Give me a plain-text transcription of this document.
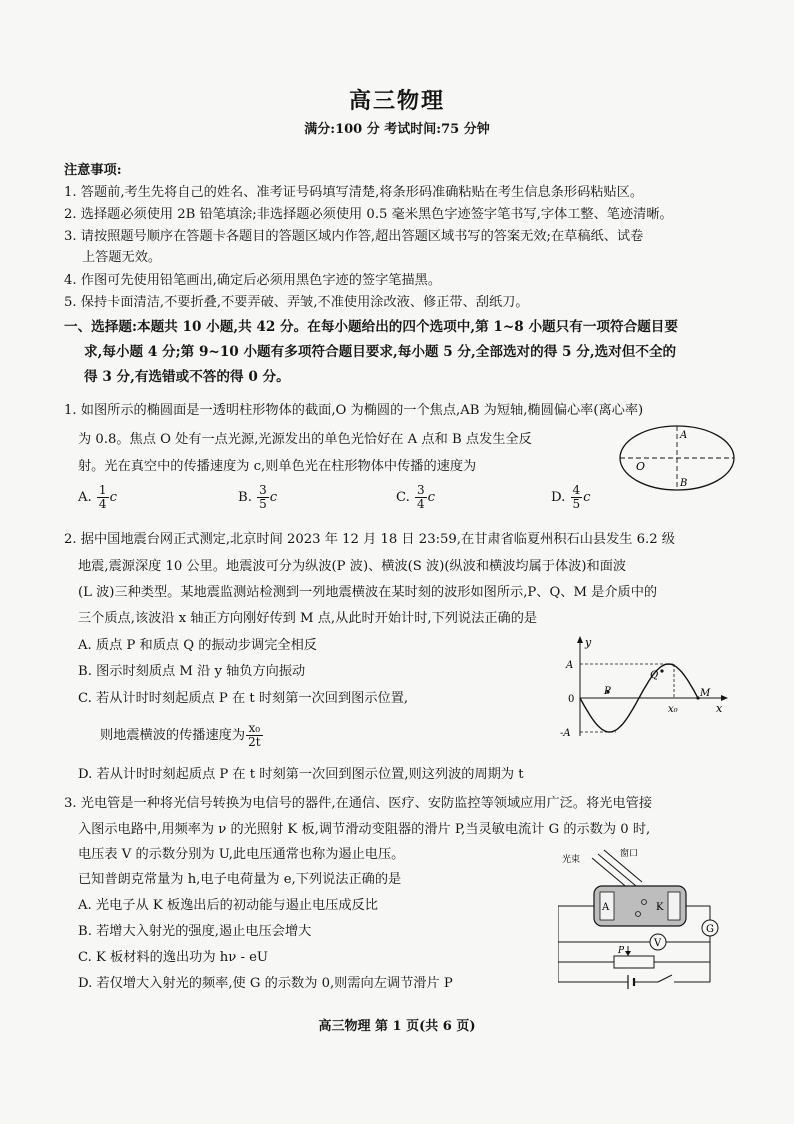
高三物理
满分:100 分 考试时间:75 分钟
注意事项:
1. 答题前,考生先将自己的姓名、准考证号码填写清楚,将条形码准确粘贴在考生信息条形码粘贴区。
2. 选择题必须使用 2B 铅笔填涂;非选择题必须使用 0.5 毫米黑色字迹签字笔书写,字体工整、笔迹清晰。
3. 请按照题号顺序在答题卡各题目的答题区域内作答,超出答题区域书写的答案无效;在草稿纸、试卷
上答题无效。
4. 作图可先使用铅笔画出,确定后必须用黑色字迹的签字笔描黑。
5. 保持卡面清洁,不要折叠,不要弄破、弄皱,不准使用涂改液、修正带、刮纸刀。
一、选择题:本题共 10 小题,共 42 分。在每小题给出的四个选项中,第 1~8 小题只有一项符合题目要
求,每小题 4 分;第 9~10 小题有多项符合题目要求,每小题 5 分,全部选对的得 5 分,选对但不全的
得 3 分,有选错或不答的得 0 分。
1. 如图所示的椭圆面是一透明柱形物体的截面,O 为椭圆的一个焦点,AB 为短轴,椭圆偏心率(离心率)
为 0.8。焦点 O 处有一点光源,光源发出的单色光恰好在 A 点和 B 点发生全反
射。光在真空中的传播速度为 c,则单色光在柱形物体中传播的速度为
A. $\frac{1}{4}$ c	B. $\frac{3}{5}$ c	C. $\frac{3}{4}$ c	D. $\frac{4}{5}$ c
A
B
O
2. 据中国地震台网正式测定,北京时间 2023 年 12 月 18 日 23:59,在甘肃省临夏州积石山县发生 6.2 级
地震,震源深度 10 公里。地震波可分为纵波(P 波)、横波(S 波)(纵波和横波均属于体波)和面波
(L 波)三种类型。某地震监测站检测到一列地震横波在某时刻的波形如图所示,P、Q、M 是介质中的
三个质点,该波沿 x 轴正方向刚好传到 M 点,从此时开始计时,下列说法正确的是
A. 质点 P 和质点 Q 的振动步调完全相反
B. 图示时刻质点 M 沿 y 轴负方向振动
C. 若从计时时刻起质点 P 在 t 时刻第一次回到图示位置,
则地震横波的传播速度为 $\frac{\text{x₀}}{2t}$
D. 若从计时时刻起质点 P 在 t 时刻第一次回到图示位置,则这列波的周期为 t
y
x
A
-A
0
P
Q
M
x₀
3. 光电管是一种将光信号转换为电信号的器件,在通信、医疗、安防监控等领域应用广泛。将光电管接
入图示电路中,用频率为 ν 的光照射 K 板,调节滑动变阻器的滑片 P,当灵敏电流计 G 的示数为 0 时,
电压表 V 的示数分别为 U,此电压通常也称为遏止电压。
已知普朗克常量为 h,电子电荷量为 e,下列说法正确的是
A. 光电子从 K 板逸出后的初动能与遏止电压成反比
B. 若增大入射光的强度,遏止电压会增大
C. K 板材料的逸出功为 hν - eU
D. 若仅增大入射光的频率,使 G 的示数为 0,则需向左调节滑片 P
光束
窗口
A	K
G
V
P
高三物理 第 1 页(共 6 页)
